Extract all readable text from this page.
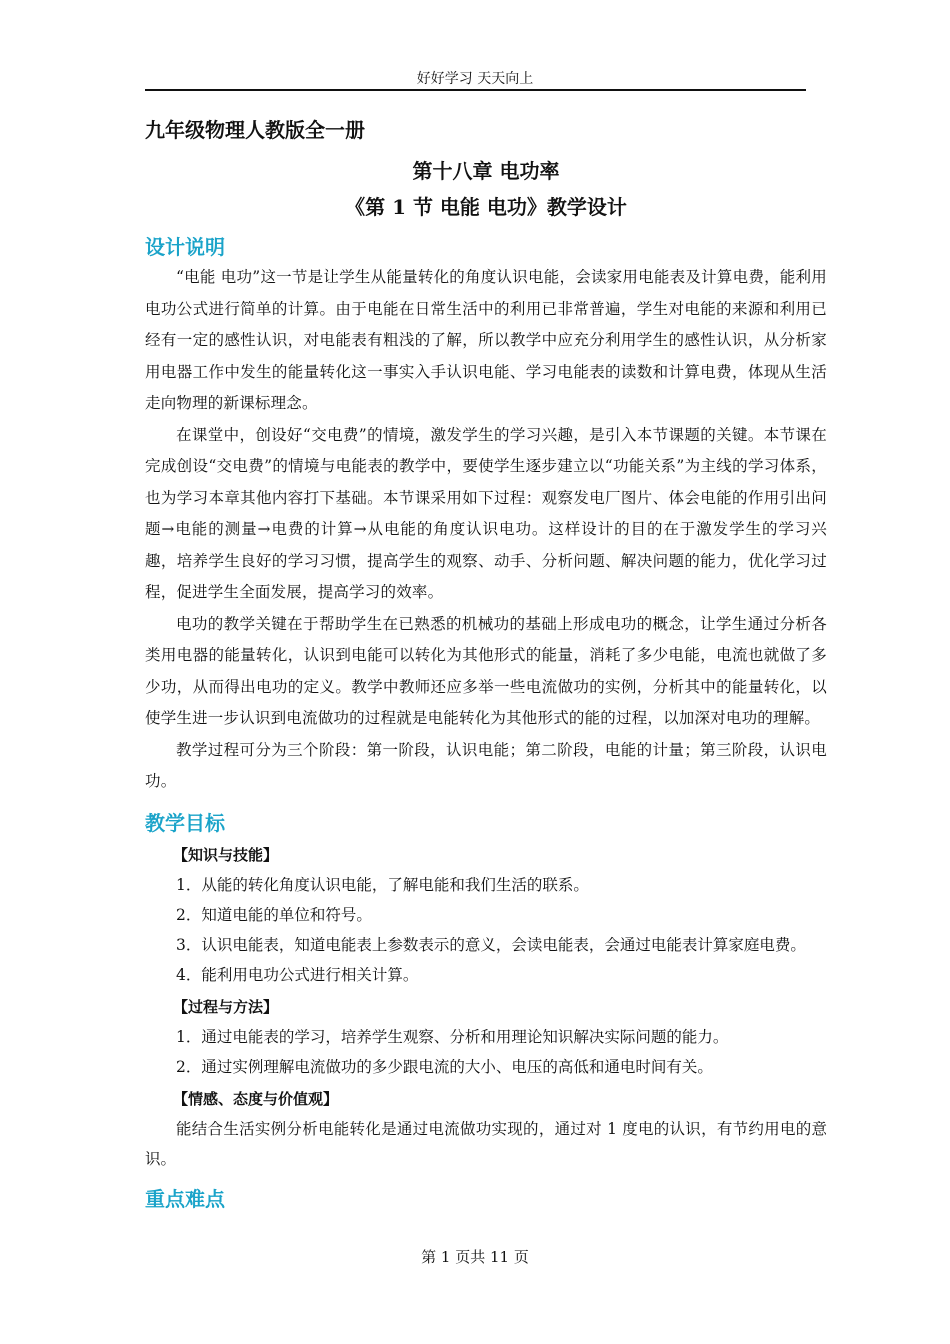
好好学习 天天向上
九年级物理人教版全一册
第十八章 电功率
《第 1 节 电能 电功》教学设计
设计说明

“电能 电功”这一节是让学生从能量转化的角度认识电能，会读家用电能表及计算电费，能利用电功公式进行简单的计算。由于电能在日常生活中的利用已非常普遍，学生对电能的来源和利用已经有一定的感性认识，对电能表有粗浅的了解，所以教学中应充分利用学生的感性认识，从分析家用电器工作中发生的能量转化这一事实入手认识电能、学习电能表的读数和计算电费，体现从生活走向物理的新课标理念。

在课堂中，创设好“交电费”的情境，激发学生的学习兴趣，是引入本节课题的关键。本节课在完成创设“交电费”的情境与电能表的教学中，要使学生逐步建立以“功能关系”为主线的学习体系，也为学习本章其他内容打下基础。本节课采用如下过程：观察发电厂图片、体会电能的作用引出问题→电能的测量→电费的计算→从电能的角度认识电功。这样设计的目的在于激发学生的学习兴趣，培养学生良好的学习习惯，提高学生的观察、动手、分析问题、解决问题的能力，优化学习过程，促进学生全面发展，提高学习的效率。

电功的教学关键在于帮助学生在已熟悉的机械功的基础上形成电功的概念，让学生通过分析各类用电器的能量转化，认识到电能可以转化为其他形式的能量，消耗了多少电能，电流也就做了多少功，从而得出电功的定义。教学中教师还应多举一些电流做功的实例，分析其中的能量转化，以使学生进一步认识到电流做功的过程就是电能转化为其他形式的能的过程，以加深对电功的理解。

教学过程可分为三个阶段：第一阶段，认识电能；第二阶段，电能的计量；第三阶段，认识电功。

教学目标
【知识与技能】

1．从能的转化角度认识电能，了解电能和我们生活的联系。

2．知道电能的单位和符号。

3．认识电能表，知道电能表上参数表示的意义，会读电能表，会通过电能表计算家庭电费。

4．能利用电功公式进行相关计算。

【过程与方法】

1．通过电能表的学习，培养学生观察、分析和用理论知识解决实际问题的能力。

2．通过实例理解电流做功的多少跟电流的大小、电压的高低和通电时间有关。

【情感、态度与价值观】

能结合生活实例分析电能转化是通过电流做功实现的，通过对 1 度电的认识，有节约用电的意识。

重点难点
第 1 页共 11 页
